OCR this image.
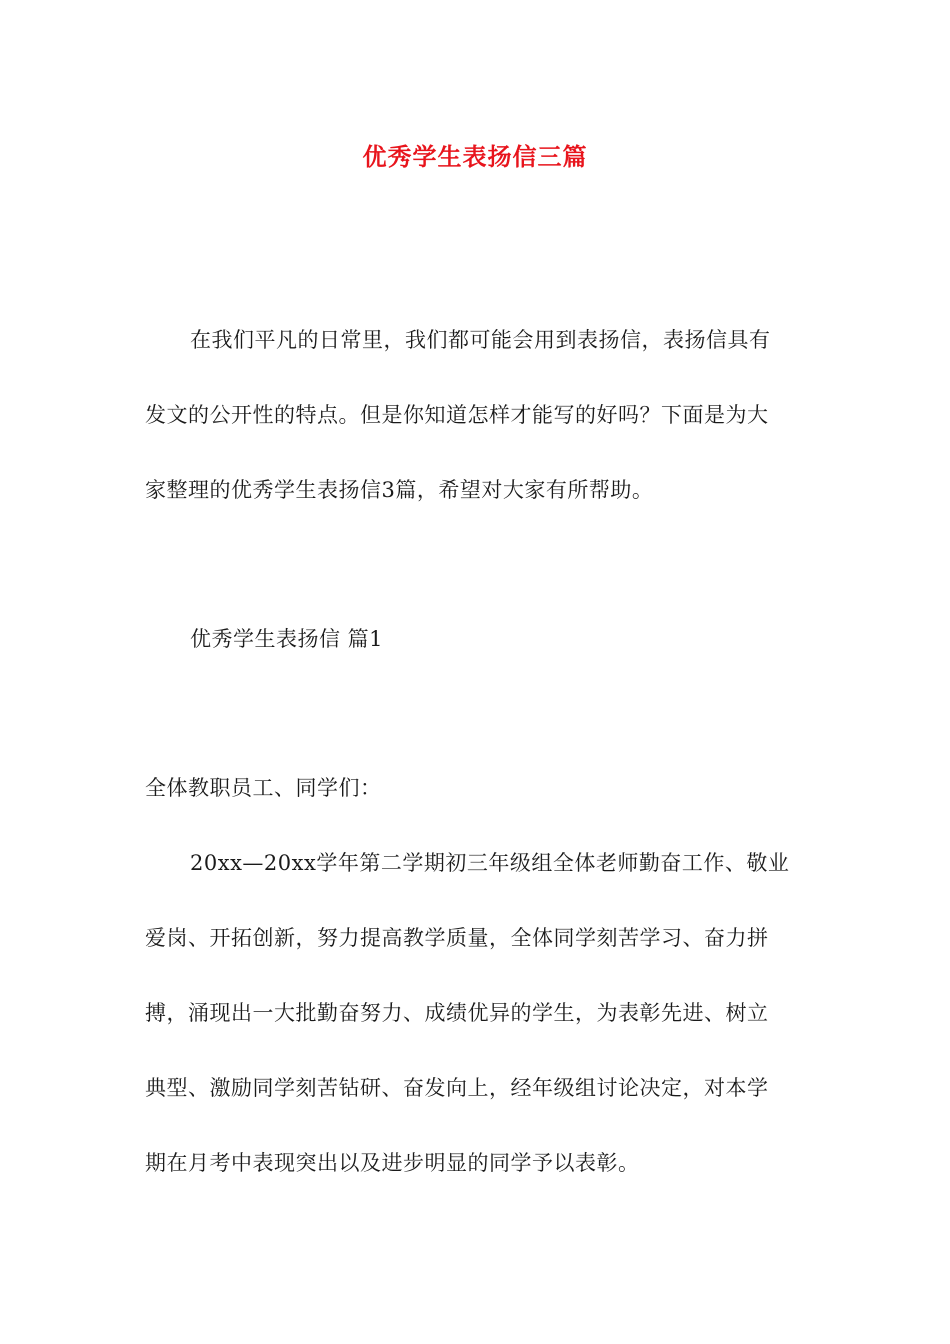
优秀学生表扬信三篇
在我们平凡的日常里，我们都可能会用到表扬信，表扬信具有
发文的公开性的特点。但是你知道怎样才能写的好吗？下面是为大
家整理的优秀学生表扬信3篇，希望对大家有所帮助。
优秀学生表扬信 篇1
全体教职员工、同学们：
20xx—20xx学年第二学期初三年级组全体老师勤奋工作、敬业
爱岗、开拓创新，努力提高教学质量，全体同学刻苦学习、奋力拼
搏，涌现出一大批勤奋努力、成绩优异的学生，为表彰先进、树立
典型、激励同学刻苦钻研、奋发向上，经年级组讨论决定，对本学
期在月考中表现突出以及进步明显的同学予以表彰。
